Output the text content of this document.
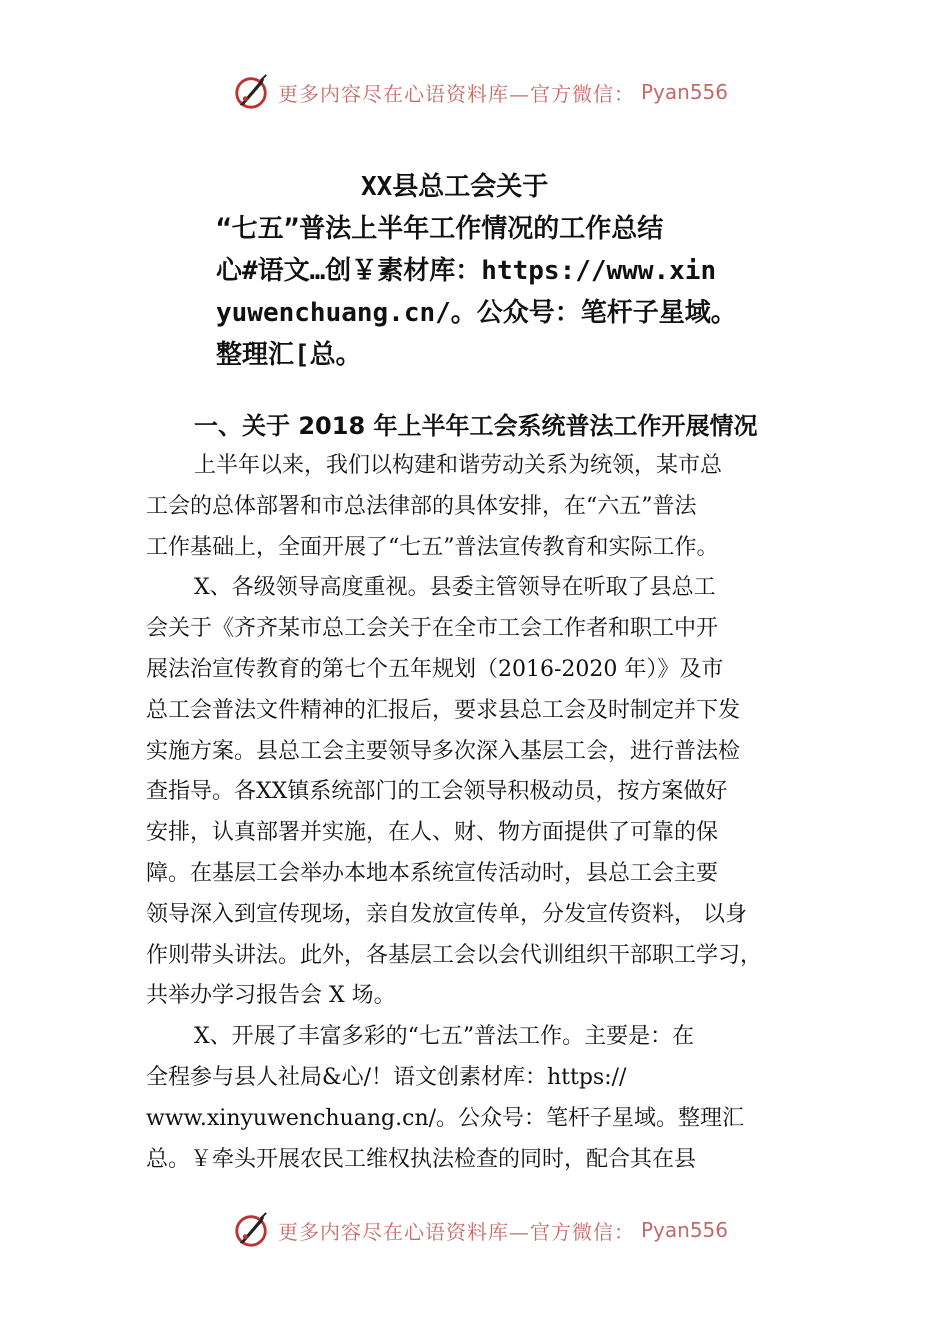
更多内容尽在心语资料库—官方微信： Pyan556
XX县总工会关于
“七五”普法上半年工作情况的工作总结
心#语文…创￥素材库：https://www.xin
yuwenchuang.cn/。公众号：笔杆子星域。
整理汇[总。
一、关于 2018 年上半年工会系统普法工作开展情况
上半年以来，我们以构建和谐劳动关系为统领，某市总
工会的总体部署和市总法律部的具体安排，在“六五”普法
工作基础上，全面开展了“七五”普法宣传教育和实际工作。
X、各级领导高度重视。县委主管领导在听取了县总工
会关于《齐齐某市总工会关于在全市工会工作者和职工中开
展法治宣传教育的第七个五年规划（2016-2020 年）》及市
总工会普法文件精神的汇报后，要求县总工会及时制定并下发
实施方案。县总工会主要领导多次深入基层工会，进行普法检
查指导。各XX镇系统部门的工会领导积极动员，按方案做好
安排，认真部署并实施，在人、财、物方面提供了可靠的保
障。在基层工会举办本地本系统宣传活动时，县总工会主要
领导深入到宣传现场，亲自发放宣传单，分发宣传资料， 以身
作则带头讲法。此外，各基层工会以会代训组织干部职工学习，
共举办学习报告会 X 场。
X、开展了丰富多彩的“七五”普法工作。主要是：在
全程参与县人社局&心/！语文创素材库：https://
www.xinyuwenchuang.cn/。公众号：笔杆子星域。整理汇
总。￥牵头开展农民工维权执法检查的同时，配合其在县
更多内容尽在心语资料库—官方微信： Pyan556
